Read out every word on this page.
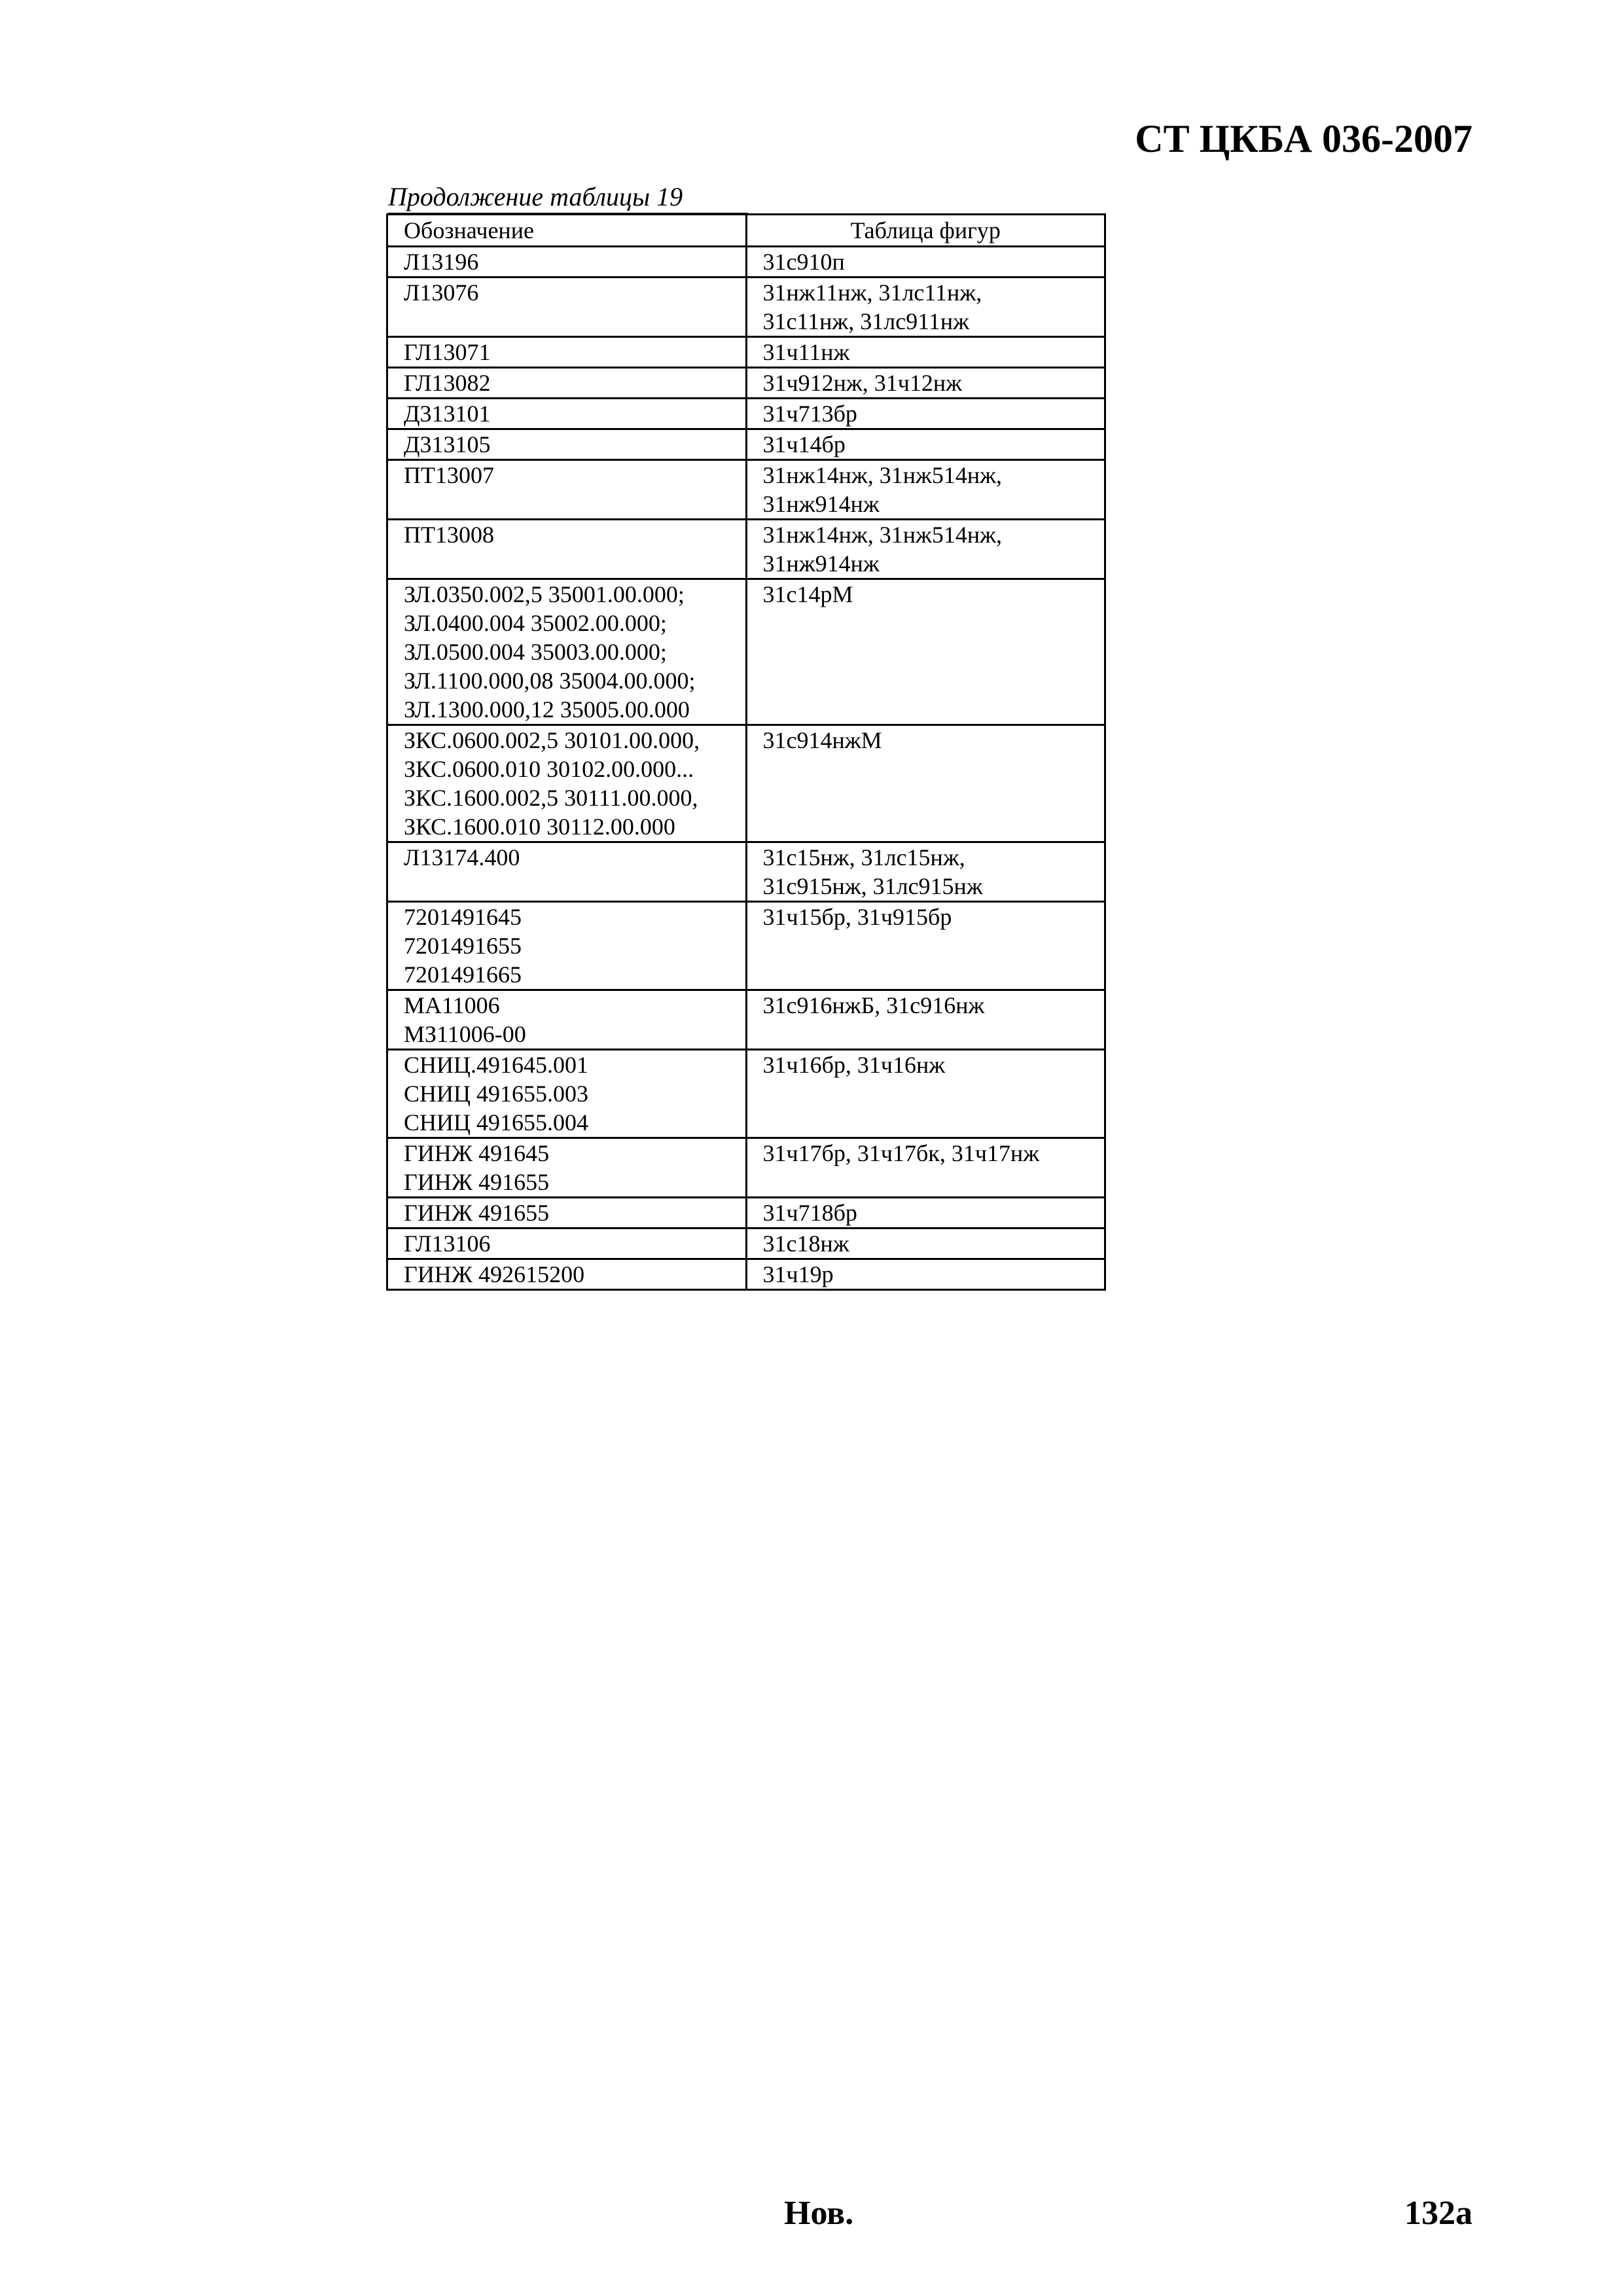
СТ ЦКБА 036-2007
Продолжение таблицы 19
Обозначение	Таблица фигур

Л13196	31с910п

Л13076	31нж11нж, 31лс11нж,
31с11нж, 31лс911нж

ГЛ13071	31ч11нж

ГЛ13082	31ч912нж, 31ч12нж

Д313101	31ч713бр

Д313105	31ч14бр

ПТ13007	31нж14нж, 31нж514нж,
31нж914нж

ПТ13008	31нж14нж, 31нж514нж,
31нж914нж

ЗЛ.0350.002,5 35001.00.000;
ЗЛ.0400.004 35002.00.000;
ЗЛ.0500.004 35003.00.000;
ЗЛ.1100.000,08 35004.00.000;
ЗЛ.1300.000,12 35005.00.000	31с14рМ

ЗКС.0600.002,5 30101.00.000,
ЗКС.0600.010 30102.00.000...
ЗКС.1600.002,5 30111.00.000,
ЗКС.1600.010 30112.00.000	31с914нжМ

Л13174.400	31с15нж, 31лс15нж,
31с915нж, 31лс915нж

7201491645
7201491655
7201491665	31ч15бр, 31ч915бр

МА11006
МЗ11006-00	31с916нжБ, 31с916нж

СНИЦ.491645.001
СНИЦ 491655.003
СНИЦ 491655.004	31ч16бр, 31ч16нж

ГИНЖ 491645
ГИНЖ 491655	31ч17бр, 31ч17бк, 31ч17нж

ГИНЖ 491655	31ч718бр

ГЛ13106	31с18нж

ГИНЖ 492615200	31ч19р
Нов.	132а
